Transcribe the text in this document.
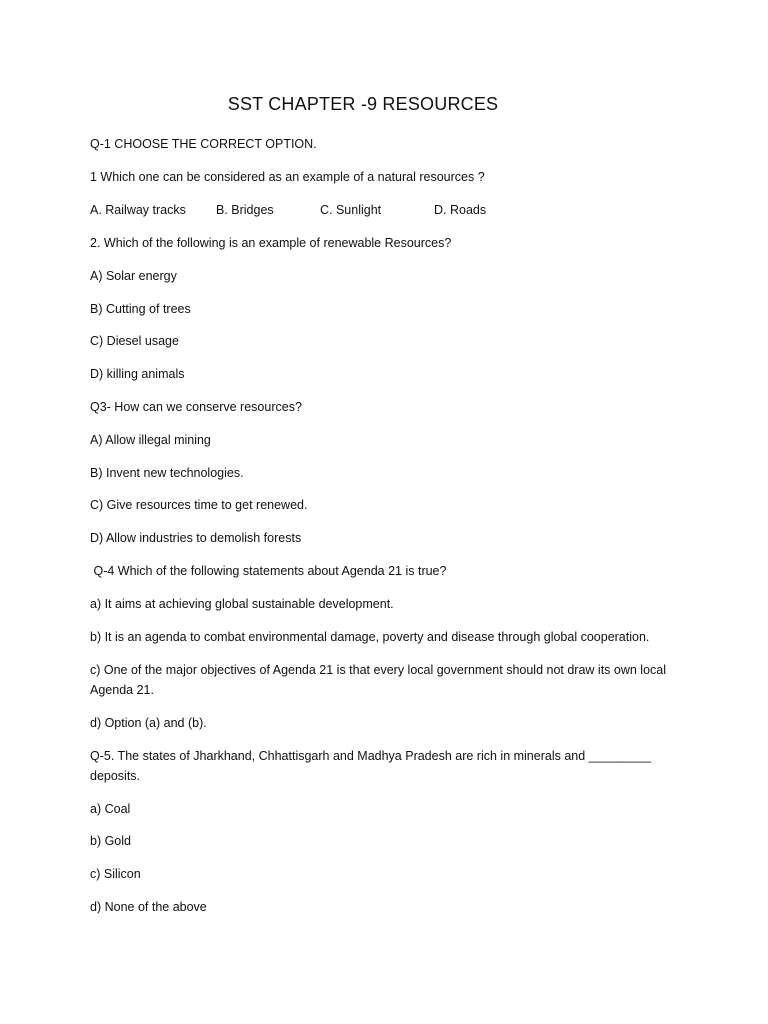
SST CHAPTER -9 RESOURCES
Q-1 CHOOSE THE CORRECT OPTION.
1 Which one can be considered as an example of a natural resources ?
A. Railway tracks B. Bridges	C. Sunlight	D. Roads
2. Which of the following is an example of renewable Resources?
A) Solar energy
B) Cutting of trees
C) Diesel usage
D) killing animals
Q3- How can we conserve resources?
A) Allow illegal mining
B) Invent new technologies.
C) Give resources time to get renewed.
D) Allow industries to demolish forests
Q-4 Which of the following statements about Agenda 21 is true?
a) It aims at achieving global sustainable development.
b) It is an agenda to combat environmental damage, poverty and disease through global cooperation.
c) One of the major objectives of Agenda 21 is that every local government should not draw its own local Agenda 21.
d) Option (a) and (b).
Q-5. The states of Jharkhand, Chhattisgarh and Madhya Pradesh are rich in minerals and _________ deposits.
a) Coal
b) Gold
c) Silicon
d) None of the above
